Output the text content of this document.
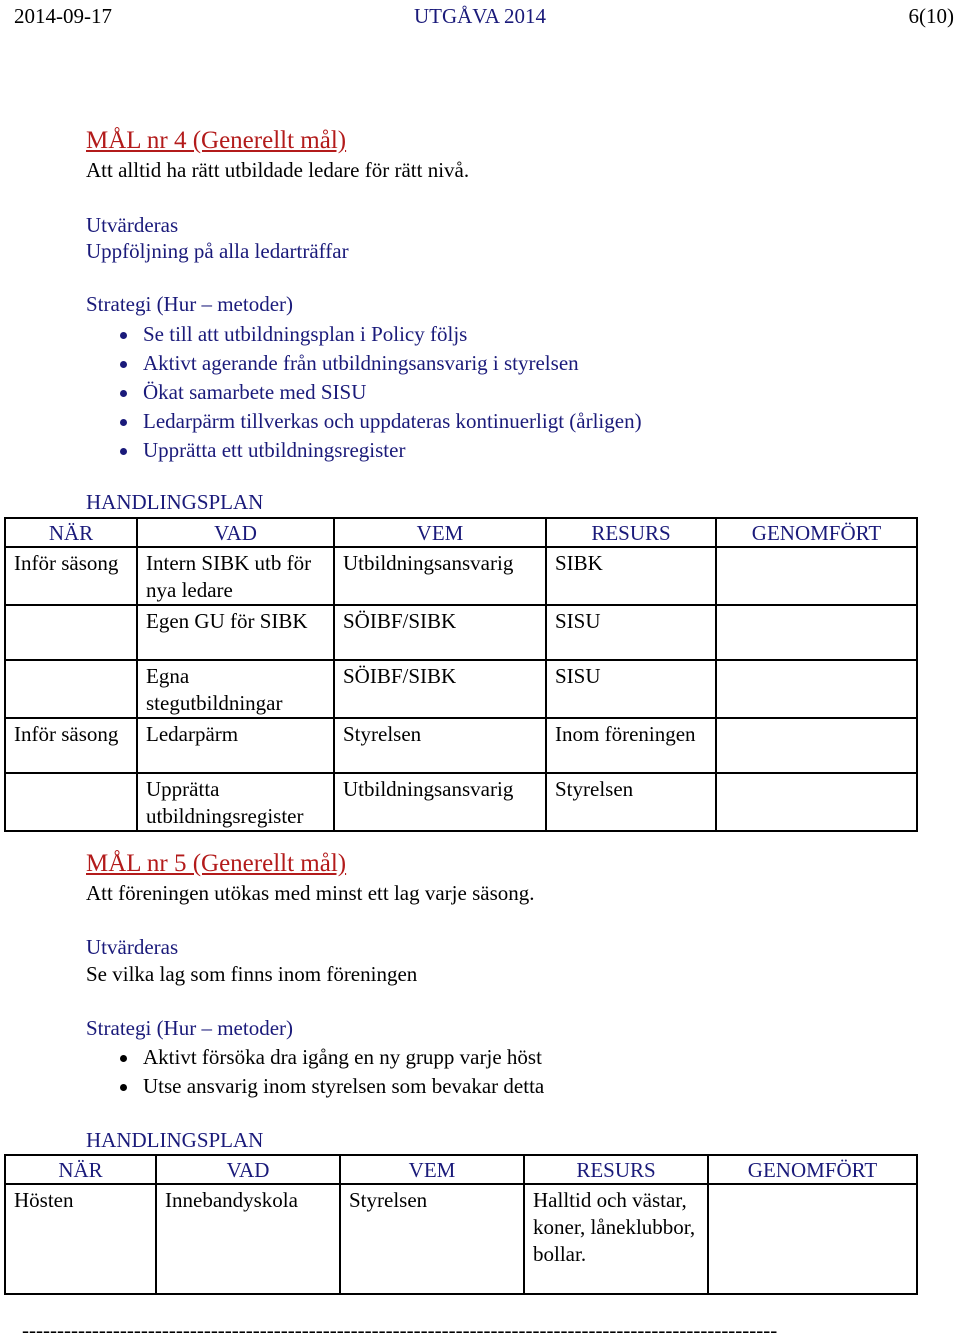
2014-09-17	UTGÅVA 2014	6(10)
MÅL nr 4 (Generellt mål)
Att alltid ha rätt utbildade ledare för rätt nivå.
Utvärderas
Uppföljning på alla ledarträffar
Strategi (Hur – metoder)
Se till att utbildningsplan i Policy följs
Aktivt agerande från utbildningsansvarig i styrelsen
Ökat samarbete med SISU
Ledarpärm tillverkas och uppdateras kontinuerligt (årligen)
Upprätta ett utbildningsregister
HANDLINGSPLAN
NÄR	VAD	VEM	RESURS	GENOMFÖRT
Inför säsong	Intern SIBK utb för nya ledare	Utbildningsansvarig	SIBK	
	Egen GU för SIBK	SÖIBF/SIBK	SISU	
	Egna stegutbildningar	SÖIBF/SIBK	SISU	
Inför säsong	Ledarpärm	Styrelsen	Inom föreningen	
	Upprätta utbildningsregister	Utbildningsansvarig	Styrelsen	
MÅL nr 5 (Generellt mål)
Att föreningen utökas med minst ett lag varje säsong.
Utvärderas
Se vilka lag som finns inom föreningen
Strategi (Hur – metoder)
Aktivt försöka dra igång en ny grupp varje höst
Utse ansvarig inom styrelsen som bevakar detta
HANDLINGSPLAN
NÄR	VAD	VEM	RESURS	GENOMFÖRT
Hösten	Innebandyskola	Styrelsen	Halltid och västar, koner, låneklubbor, bollar.	
------------------------------------------------------------------------------------------------------------
